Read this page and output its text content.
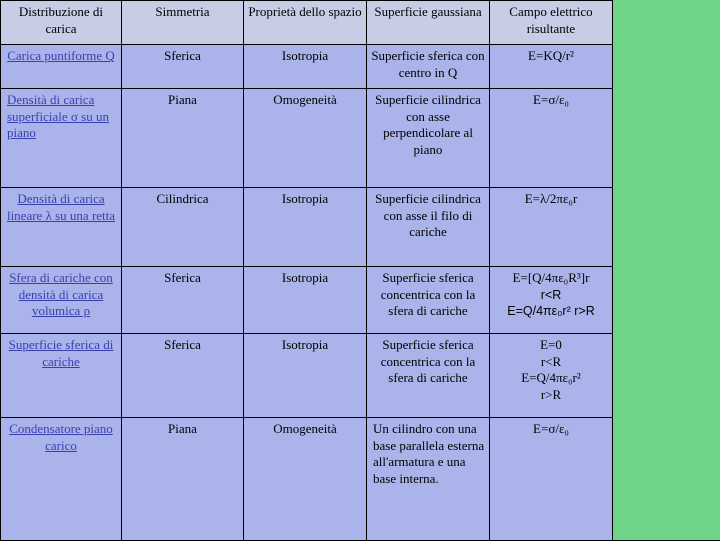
Distribuzione di carica	Simmetria	Proprietà dello spazio	Superficie gaussiana	Campo elettrico risultante
Carica puntiforme Q	Sferica	Isotropia	Superficie sferica con centro in Q	E=KQ/r²

Densità di carica superficiale σ su un piano	Piana	Omogeneità	Superficie cilindrica con asse perpendicolare al piano	E=σ/ε₀

Densità di carica lineare λ su una retta	Cilindrica	Isotropia	Superficie cilindrica con asse il filo di cariche	E=λ/2πε₀r

Sfera di cariche con densità di carica volumica ρ	Sferica	Isotropia	Superficie sferica concentrica con la sfera di cariche	E=[Q/4πε₀R³]r
r<R
E=Q/4πε₀r² r>R

Superficie sferica di cariche	Sferica	Isotropia	Superficie sferica concentrica con la sfera di cariche	E=0
r<R
E=Q/4πε₀r²
r>R

Condensatore piano carico	Piana	Omogeneità	Un cilindro con una base parallela esterna all'armatura e una base interna.	E=σ/ε₀
